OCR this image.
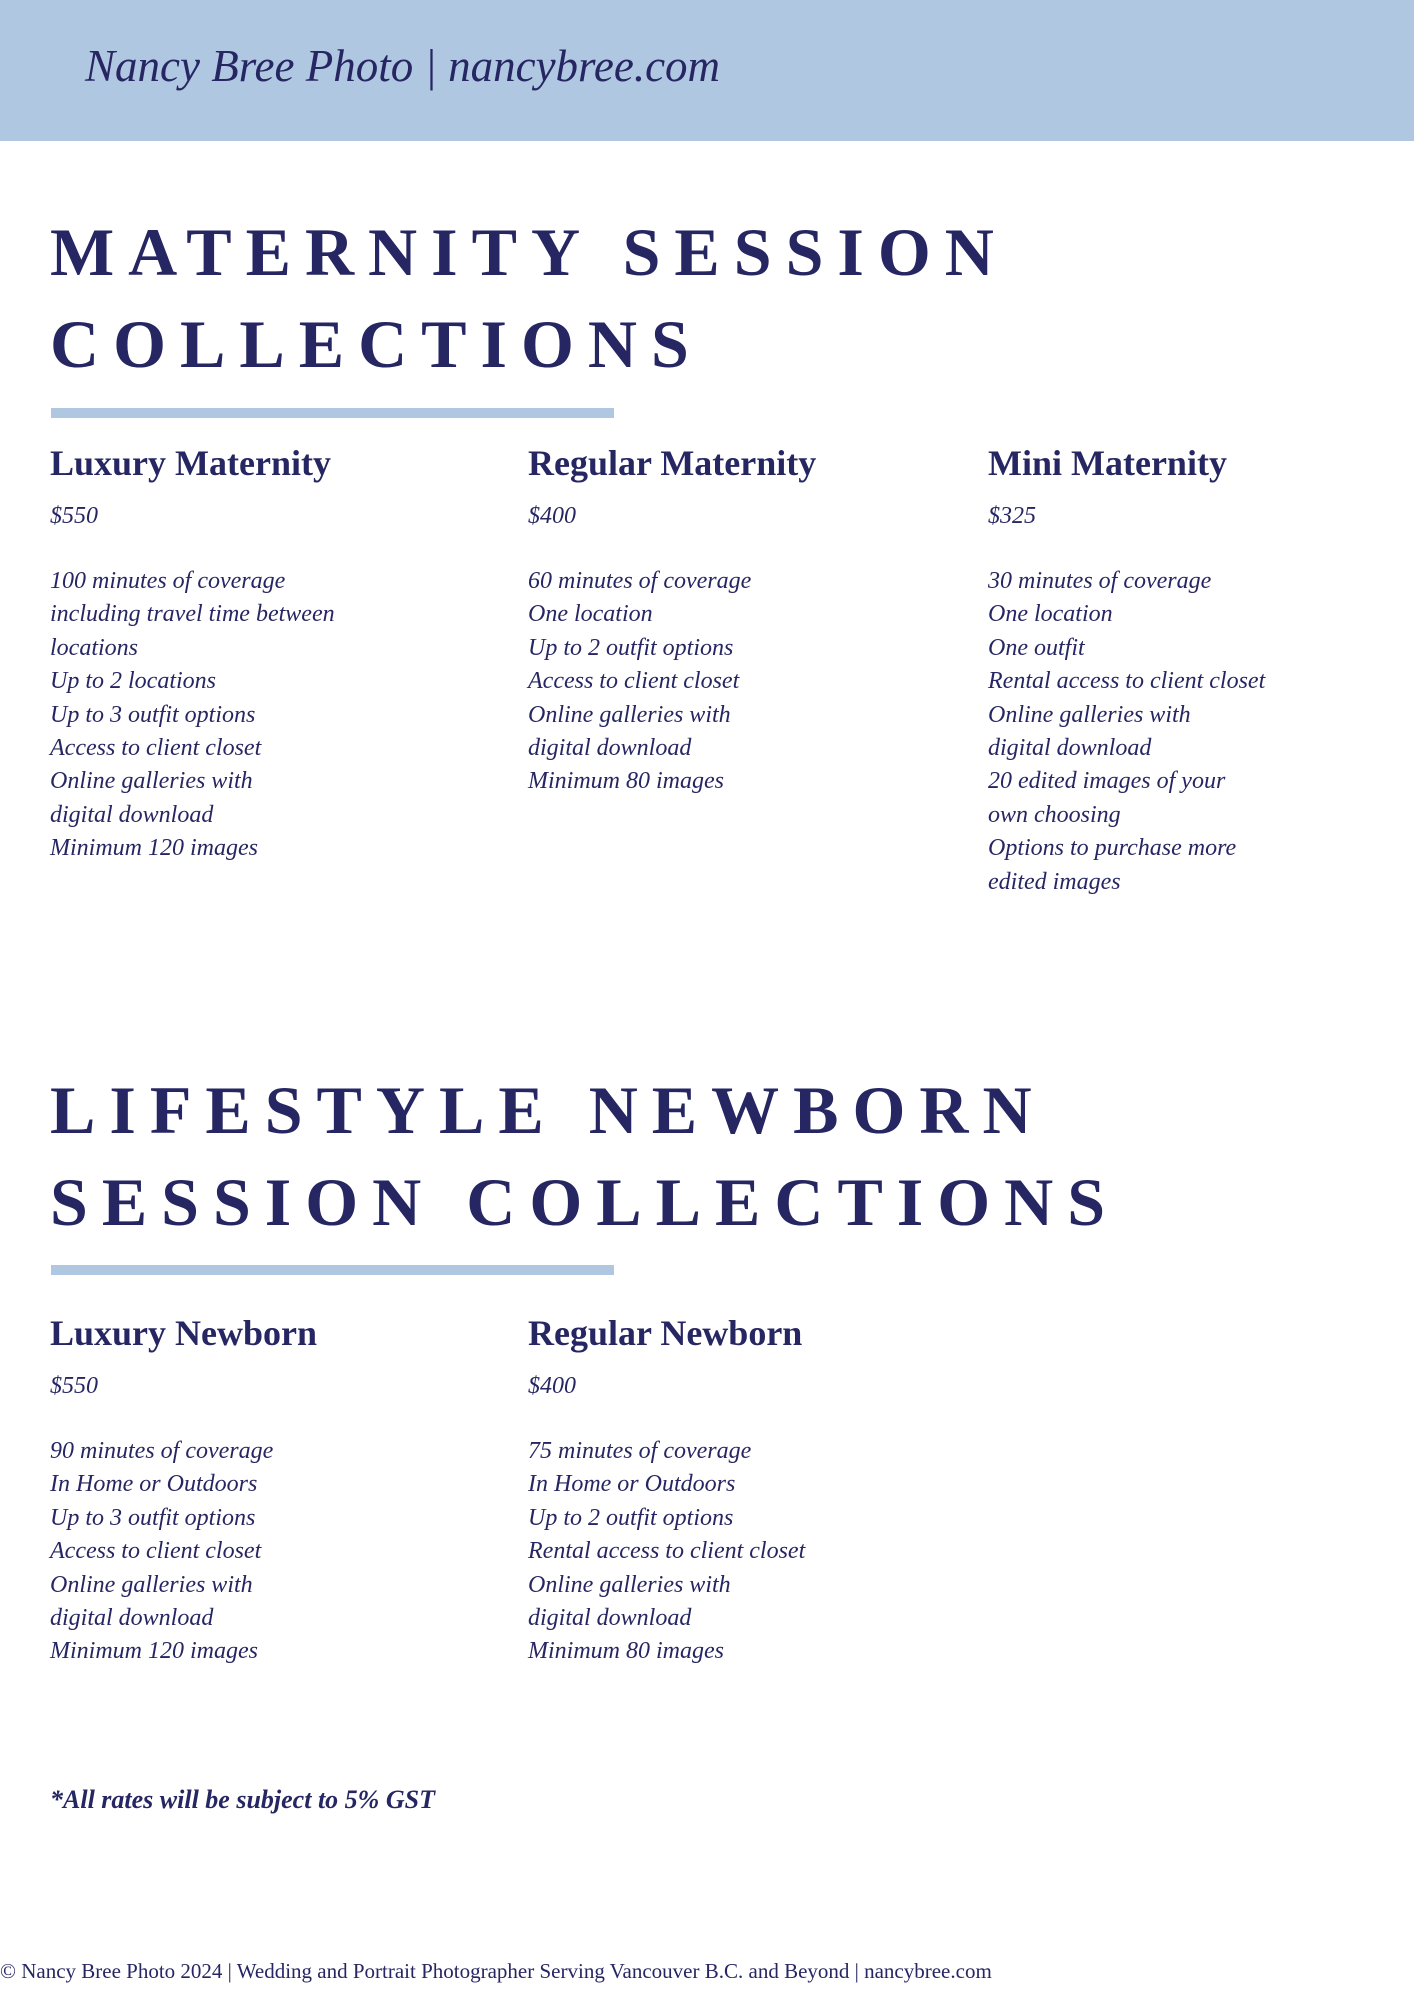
Nancy Bree Photo | nancybree.com
MATERNITY SESSION
COLLECTIONS
Luxury Maternity
$550
100 minutes of coverage
including travel time between
locations
Up to 2 locations
Up to 3 outfit options
Access to client closet
Online galleries with
digital download
Minimum 120 images
Regular Maternity
$400
60 minutes of coverage
One location
Up to 2 outfit options
Access to client closet
Online galleries with
digital download
Minimum 80 images
Mini Maternity
$325
30 minutes of coverage
One location
One outfit
Rental access to client closet
Online galleries with
digital download
20 edited images of your
own choosing
Options to purchase more
edited images
LIFESTYLE NEWBORN
SESSION COLLECTIONS
Luxury Newborn
$550
90 minutes of coverage
In Home or Outdoors
Up to 3 outfit options
Access to client closet
Online galleries with
digital download
Minimum 120 images
Regular Newborn
$400
75 minutes of coverage
In Home or Outdoors
Up to 2 outfit options
Rental access to client closet
Online galleries with
digital download
Minimum 80 images
*All rates will be subject to 5% GST
© Nancy Bree Photo 2024 | Wedding and Portrait Photographer Serving Vancouver B.C. and Beyond | nancybree.com
